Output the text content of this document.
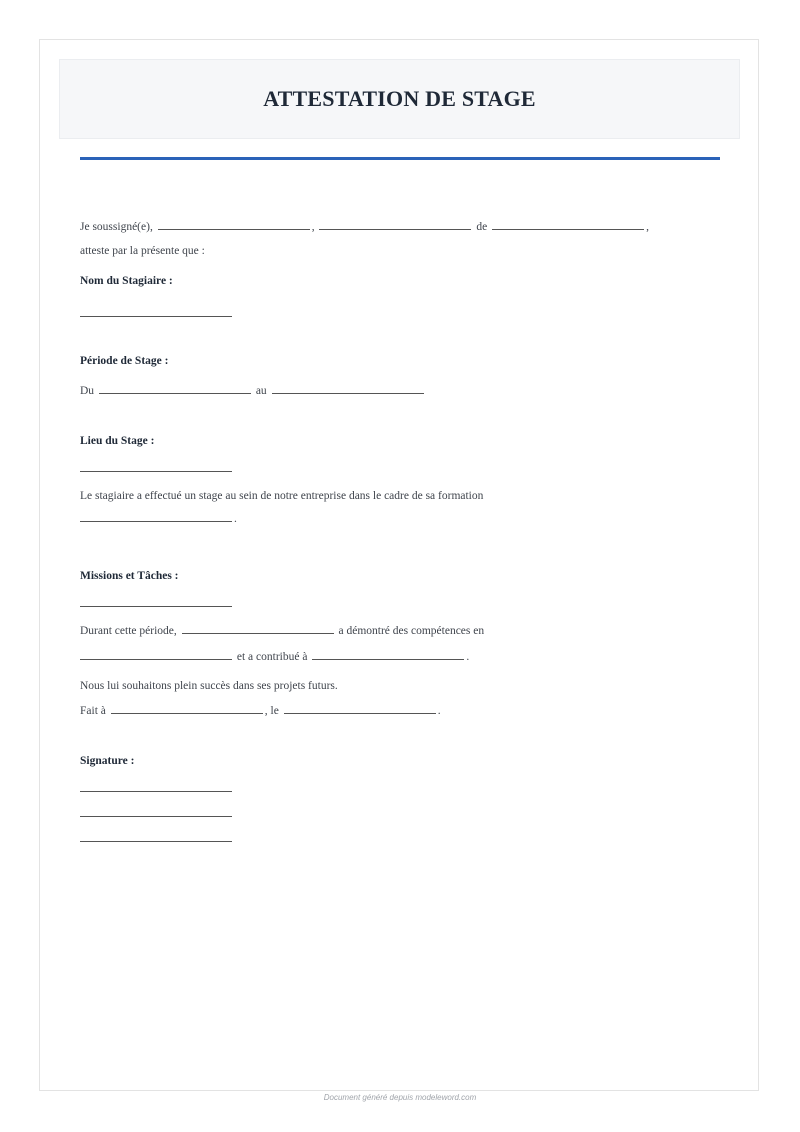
ATTESTATION DE STAGE
Je soussigné(e),	,	de	,
atteste par la présente que :
Nom du Stagiaire :
Période de Stage :
Du	au
Lieu du Stage :
Le stagiaire a effectué un stage au sein de notre entreprise dans le cadre de sa formation
.
Missions et Tâches :
Durant cette période,	a démontré des compétences en
et a contribué à	.
Nous lui souhaitons plein succès dans ses projets futurs.
Fait à	, le	.
Signature :
Document généré depuis modeleword.com
